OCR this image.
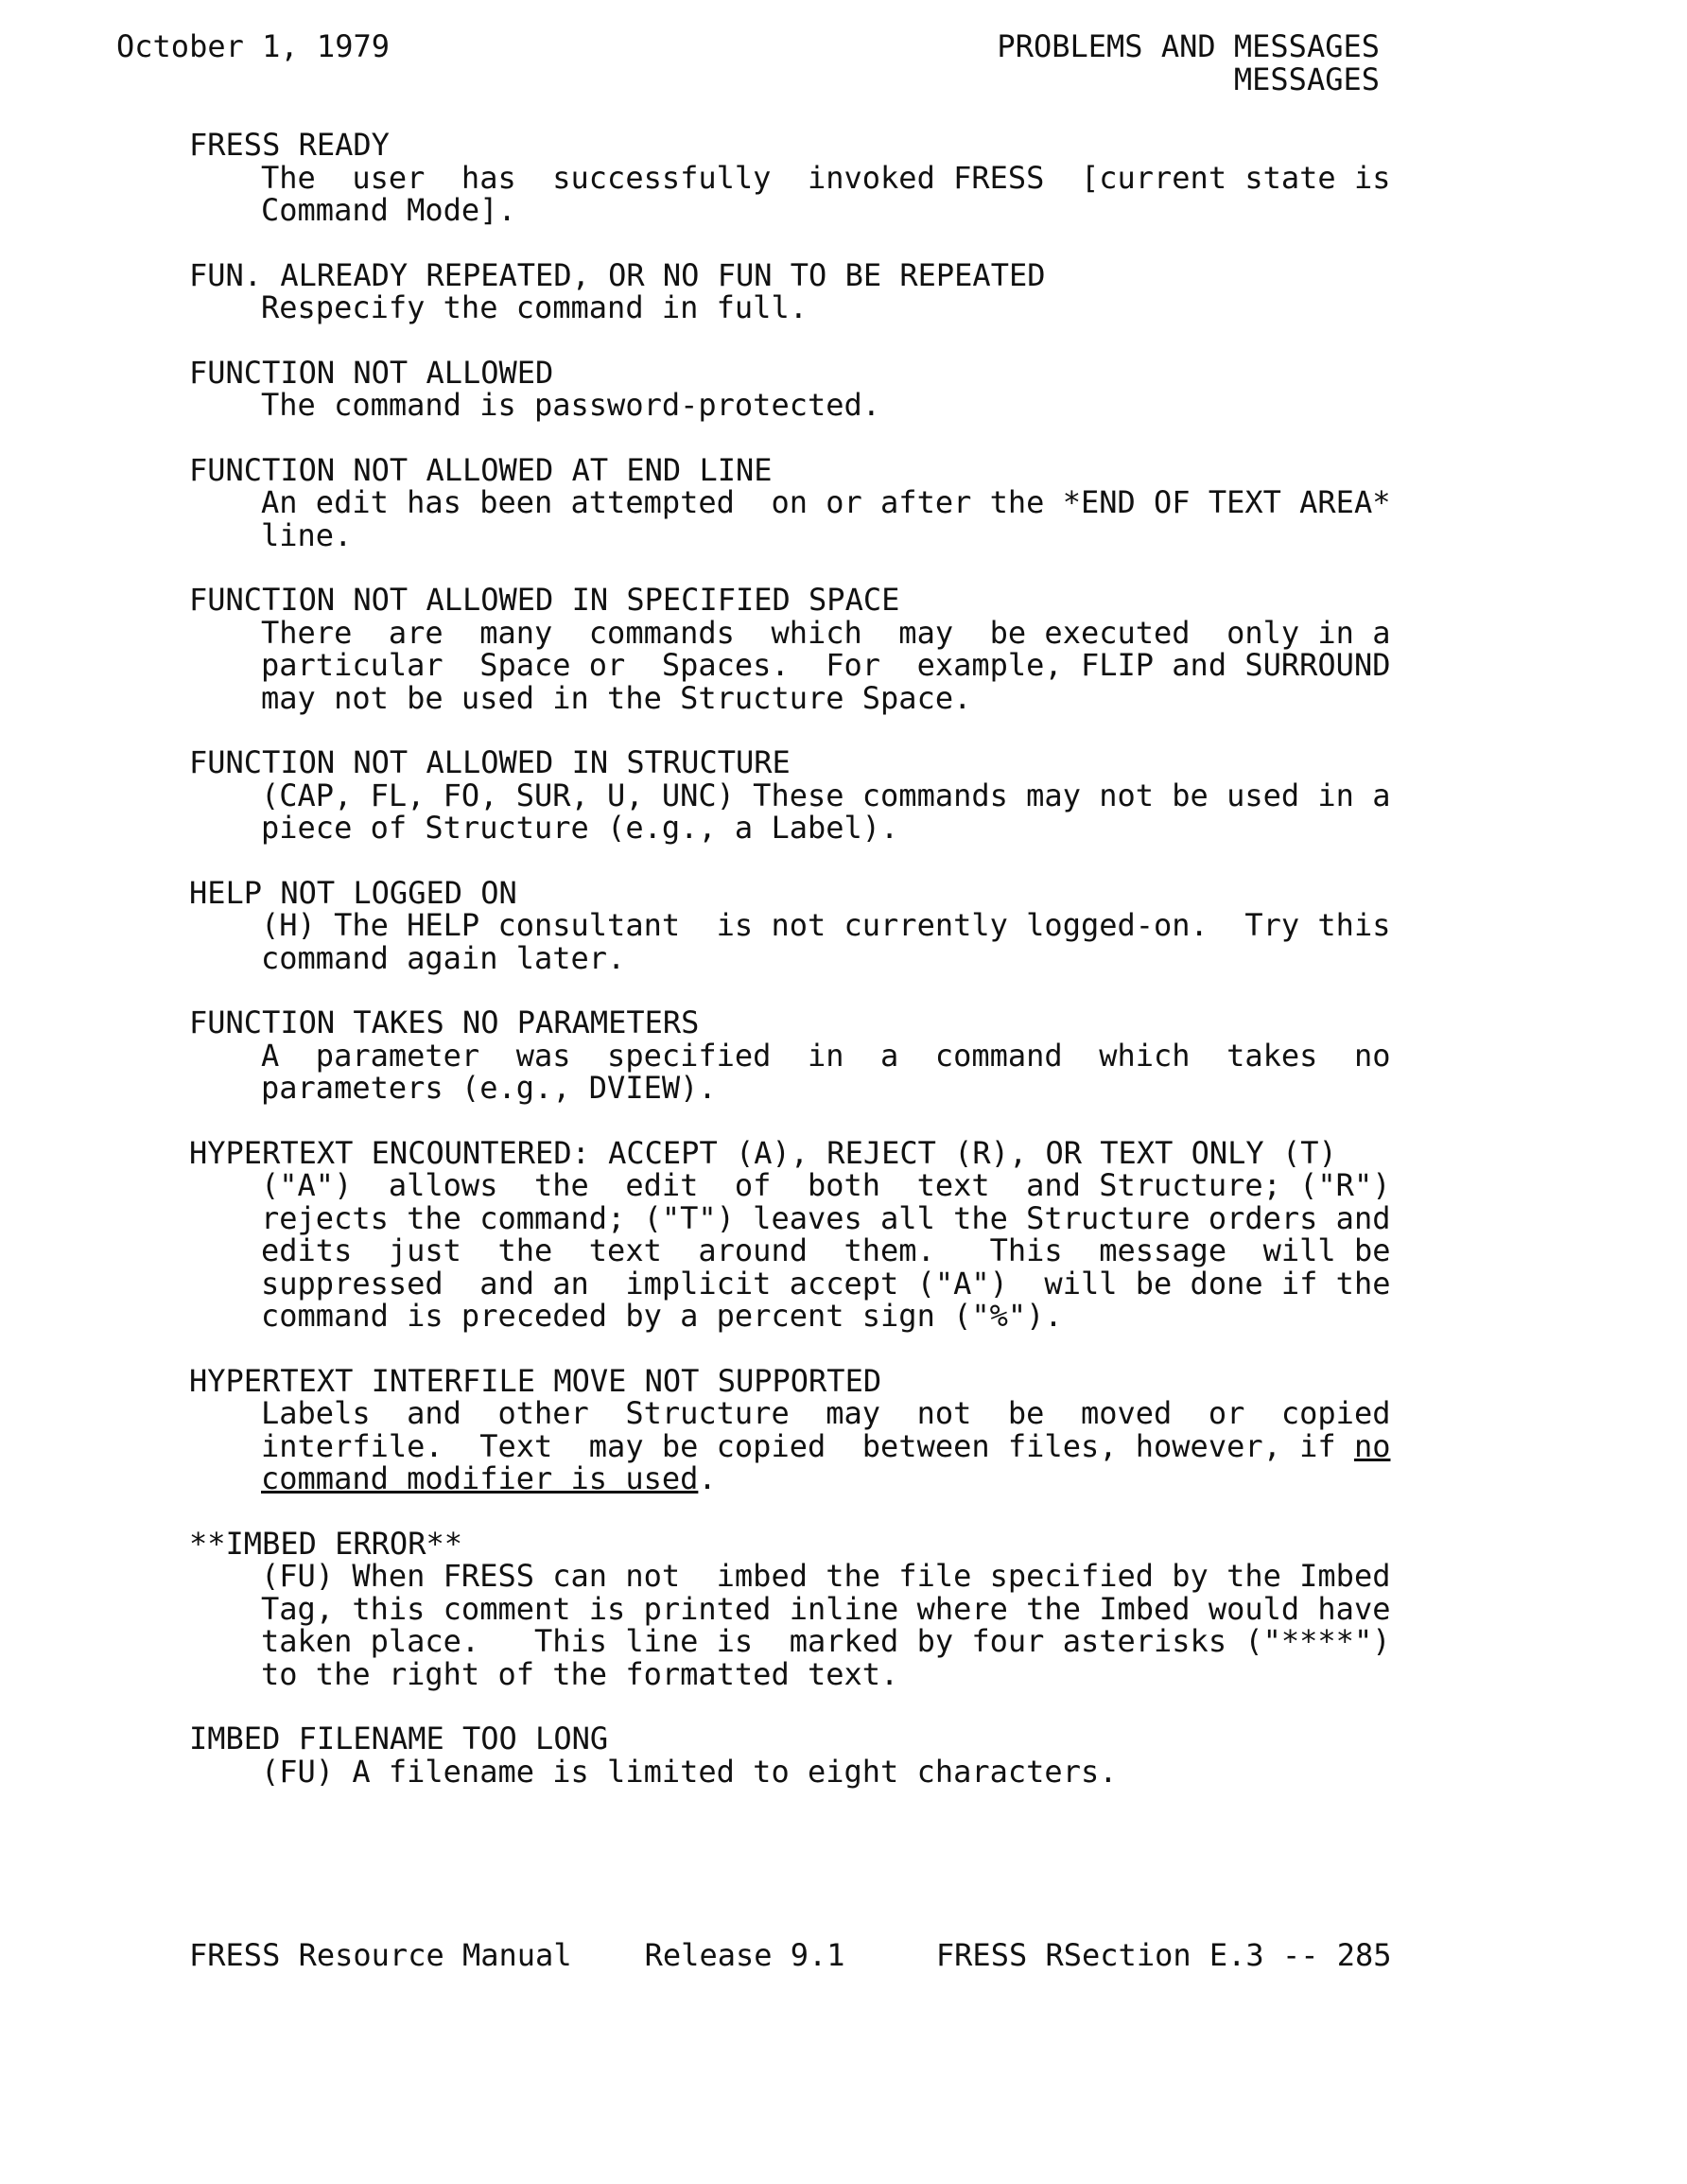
October 1, 1979	PROBLEMS AND MESSAGES
MESSAGES
FRESS READY
The  user  has  successfully  invoked FRESS  [current state is
Command Mode].
FUN. ALREADY REPEATED, OR NO FUN TO BE REPEATED
Respecify the command in full.
FUNCTION NOT ALLOWED
The command is password-protected.
FUNCTION NOT ALLOWED AT END LINE
An edit has been attempted  on or after the *END OF TEXT AREA*
line.
FUNCTION NOT ALLOWED IN SPECIFIED SPACE
There  are  many  commands  which  may  be executed  only in a
particular  Space or  Spaces.  For  example, FLIP and SURROUND
may not be used in the Structure Space.
FUNCTION NOT ALLOWED IN STRUCTURE
(CAP, FL, FO, SUR, U, UNC) These commands may not be used in a
piece of Structure (e.g., a Label).
HELP NOT LOGGED ON
(H) The HELP consultant  is not currently logged-on.  Try this
command again later.
FUNCTION TAKES NO PARAMETERS
A  parameter  was  specified  in  a  command  which  takes  no
parameters (e.g., DVIEW).
HYPERTEXT ENCOUNTERED: ACCEPT (A), REJECT (R), OR TEXT ONLY (T)
("A")  allows  the  edit  of  both  text  and Structure; ("R")
rejects the command; ("T") leaves all the Structure orders and
edits  just  the  text  around  them.   This  message  will be
suppressed  and an  implicit accept ("A")  will be done if the
command is preceded by a percent sign ("%").
HYPERTEXT INTERFILE MOVE NOT SUPPORTED
Labels  and  other  Structure  may  not  be  moved  or  copied
interfile.  Text  may be copied  between files, however, if no
command modifier is used.
**IMBED ERROR**
(FU) When FRESS can not  imbed the file specified by the Imbed
Tag, this comment is printed inline where the Imbed would have
taken place.   This line is  marked by four asterisks ("****")
to the right of the formatted text.
IMBED FILENAME TOO LONG
(FU) A filename is limited to eight characters.
FRESS Resource Manual    Release 9.1     FRESS RSection E.3 -- 285
